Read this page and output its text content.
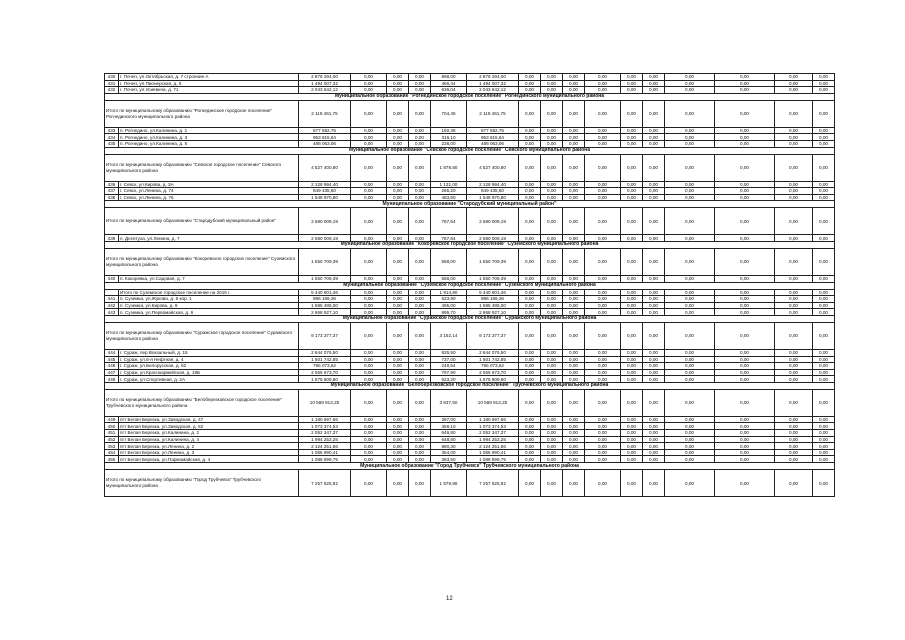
430	г. Почеп, ул.Октябрьская, д. 7 строение А	2 876 294,00	0,00	0,00	0,00	898,00	2 876 294,00	0,00	0,00	0,00	0,00	0,00	0,00	0,00	0,00	0,00	0,00
431	г. Почеп, ул.Пионерская, д. 6	1 494 007,32	0,00	0,00	0,00	466,44	1 494 007,32	0,00	0,00	0,00	0,00	0,00	0,00	0,00	0,00	0,00	0,00
432	г. Почеп, ул.Усиевича, д. 71	2 043 642,12	0,00	0,00	0,00	636,04	2 043 642,12	0,00	0,00	0,00	0,00	0,00	0,00	0,00	0,00	0,00	0,00
Муниципальное образование "Рогнединское городское поселение" Рогнединского муниципального района																	
Итого по муниципальному образованию "Рогнединское городское поселение" Рогнединского муниципального района		2 119 461,75	0,00	0,00	0,00	704,45	2 119 461,75	0,00	0,00	0,00	0,00	0,00	0,00	0,00	0,00	0,00	0,00
433	п. Рогнедино, ул.Калинина, д. 1	677 582,75	0,00	0,00	0,00	150,36	677 582,75	0,00	0,00	0,00	0,00	0,00	0,00	0,00	0,00	0,00	0,00
434	п. Рогнедино, ул.Калинина, д. 3	953 815,94	0,00	0,00	0,00	316,10	953 815,94	0,00	0,00	0,00	0,00	0,00	0,00	0,00	0,00	0,00	0,00
435	п. Рогнедино, ул.Калинина, д. 5	488 063,06	0,00	0,00	0,00	238,00	488 063,06	0,00	0,00	0,00	0,00	0,00	0,00	0,00	0,00	0,00	0,00
Муниципальное образование "Севское городское поселение" Севского муниципального района																	
Итого по муниципальному образованию "Севское городское поселение" Севского муниципального района		4 527 400,80	0,00	0,00	0,00	1 879,80	4 527 400,80	0,00	0,00	0,00	0,00	0,00	0,00	0,00	0,00	0,00	0,00
436	г. Севск, ул.Кирова, д. 3А	2 128 994,40	0,00	0,00	0,00	1 131,00	2 128 994,40	0,00	0,00	0,00	0,00	0,00	0,00	0,00	0,00	0,00	0,00
437	г. Севск, ул.Ленина, д. 74	849 435,60	0,00	0,00	0,00	265,20	849 435,60	0,00	0,00	0,00	0,00	0,00	0,00	0,00	0,00	0,00	0,00
438	г. Севск, ул.Ленина, д. 76	1 548 970,80	0,00	0,00	0,00	483,60	1 548 970,80	0,00	0,00	0,00	0,00	0,00	0,00	0,00	0,00	0,00	0,00
Муниципальное образование "Стародубский муниципальный район"																	
Итого по муниципальному образованию "Стародубский муниципальный район"		2 580 009,19	0,00	0,00	0,00	767,64	2 580 009,19	0,00	0,00	0,00	0,00	0,00	0,00	0,00	0,00	0,00	0,00
439	п. Десятуха, ул.Ленина, д. 7	2 580 009,19	0,00	0,00	0,00	767,64	2 580 009,19	0,00	0,00	0,00	0,00	0,00	0,00	0,00	0,00	0,00	0,00
Муниципальное образование "Кокоревское городское поселение" Суземского муниципального района																	
Итого по муниципальному образованию "Кокоревское городское поселение" Суземского муниципального района		1 550 709,39	0,00	0,00	0,00	556,00	1 550 709,39	0,00	0,00	0,00	0,00	0,00	0,00	0,00	0,00	0,00	0,00
440	п. Кокоревка, ул.Садовая, д. 7	1 550 709,39	0,00	0,00	0,00	556,00	1 550 709,39	0,00	0,00	0,00	0,00	0,00	0,00	0,00	0,00	0,00	0,00
Муниципальное образование "Суземское городское поселение" Суземского муниципального района																	
	Итого по Суземское городское поселение на 2015 г.	5 440 601,46	0,00	0,00	0,00	1 914,80	5 440 601,46	0,00	0,00	0,00	0,00	0,00	0,00	0,00	0,00	0,00	0,00
441	п. Суземка, ул.Жукова, д. 6 кор. 1	986 189,36	0,00	0,00	0,00	523,90	986 189,36	0,00	0,00	0,00	0,00	0,00	0,00	0,00	0,00	0,00	0,00
442	п. Суземка, ул.Кирова, д. 9	1 585 485,00	0,00	0,00	0,00	495,00	1 585 485,00	0,00	0,00	0,00	0,00	0,00	0,00	0,00	0,00	0,00	0,00
443	п. Суземка, ул.Первомайская, д. 6	2 868 927,10	0,00	0,00	0,00	895,70	2 868 927,10	0,00	0,00	0,00	0,00	0,00	0,00	0,00	0,00	0,00	0,00
Муниципальное образование "Суражское городское поселение" Суражского муниципального района																	
Итого по муниципальному образованию "Суражское городское поселение" Суражского муниципального района		9 173 377,37	0,00	0,00	0,00	3 152,14	9 173 377,37	0,00	0,00	0,00	0,00	0,00	0,00	0,00	0,00	0,00	0,00
444	г. Сураж, пер.Вокзальный, д. 15	2 644 076,50	0,00	0,00	0,00	825,50	2 644 076,50	0,00	0,00	0,00	0,00	0,00	0,00	0,00	0,00	0,00	0,00
445	г. Сураж, ул.6-я Нефтная, д. 4	1 501 742,85	0,00	0,00	0,00	737,00	1 501 742,85	0,00	0,00	0,00	0,00	0,00	0,00	0,00	0,00	0,00	0,00
446	г. Сураж, ул.Белорусская, д. 62	796 073,62	0,00	0,00	0,00	248,54	796 073,62	0,00	0,00	0,00	0,00	0,00	0,00	0,00	0,00	0,00	0,00
447	г. Сураж, ул.Красноармейская, д. 18Б	2 555 673,70	0,00	0,00	0,00	797,90	2 555 673,70	0,00	0,00	0,00	0,00	0,00	0,00	0,00	0,00	0,00	0,00
448	г. Сураж, ул.Спортивная, д. 2А	1 675 809,60	0,00	0,00	0,00	523,20	1 675 809,60	0,00	0,00	0,00	0,00	0,00	0,00	0,00	0,00	0,00	0,00
Муниципальное образование "Белоберезковское городское поселение" Трубчевского муниципального района																	
Итого по муниципальному образованию "Белоберезковское городское поселение" Трубчевского муниципального района		10 569 813,25	0,00	0,00	0,00	3 637,50	10 569 813,25	0,00	0,00	0,00	0,00	0,00	0,00	0,00	0,00	0,00	0,00
449	пгт Белая Березка, ул.Заводская, д. 47	1 180 697,66	0,00	0,00	0,00	397,00	1 180 697,66	0,00	0,00	0,00	0,00	0,00	0,00	0,00	0,00	0,00	0,00
450	пгт Белая Березка, ул.Заводская, д. 52	1 073 374,53	0,00	0,00	0,00	359,10	1 073 374,53	0,00	0,00	0,00	0,00	0,00	0,00	0,00	0,00	0,00	0,00
451	пгт Белая Березка, ул.Калинина, д. 2	2 052 347,37	0,00	0,00	0,00	646,80	2 052 347,37	0,00	0,00	0,00	0,00	0,00	0,00	0,00	0,00	0,00	0,00
452	пгт Белая Березка, ул.Калинина, д. 4	1 994 252,25	0,00	0,00	0,00	648,80	1 994 252,25	0,00	0,00	0,00	0,00	0,00	0,00	0,00	0,00	0,00	0,00
453	пгт Белая Березка, ул.Ленина, д. 2	2 124 251,86	0,00	0,00	0,00	880,30	2 124 251,86	0,00	0,00	0,00	0,00	0,00	0,00	0,00	0,00	0,00	0,00
454	пгт Белая Березка, ул.Ленина, д. 3	1 055 990,41	0,00	0,00	0,00	354,00	1 055 990,41	0,00	0,00	0,00	0,00	0,00	0,00	0,00	0,00	0,00	0,00
455	пгт Белая Березка, ул.Пармомайская, д. 4	1 088 899,75	0,00	0,00	0,00	383,50	1 088 899,75	0,00	0,00	0,00	0,00	0,00	0,00	0,00	0,00	0,00	0,00
Муниципальное образование "Город Трубчевск" Трубчевского муниципального района																	
Итого по муниципальному образованию "Город Трубчевск" Трубчевского муниципального района		7 257 625,82	0,00	0,00	0,00	1 579,96	7 257 625,82	0,00	0,00	0,00	0,00	0,00	0,00	0,00	0,00	0,00	0,00
12
